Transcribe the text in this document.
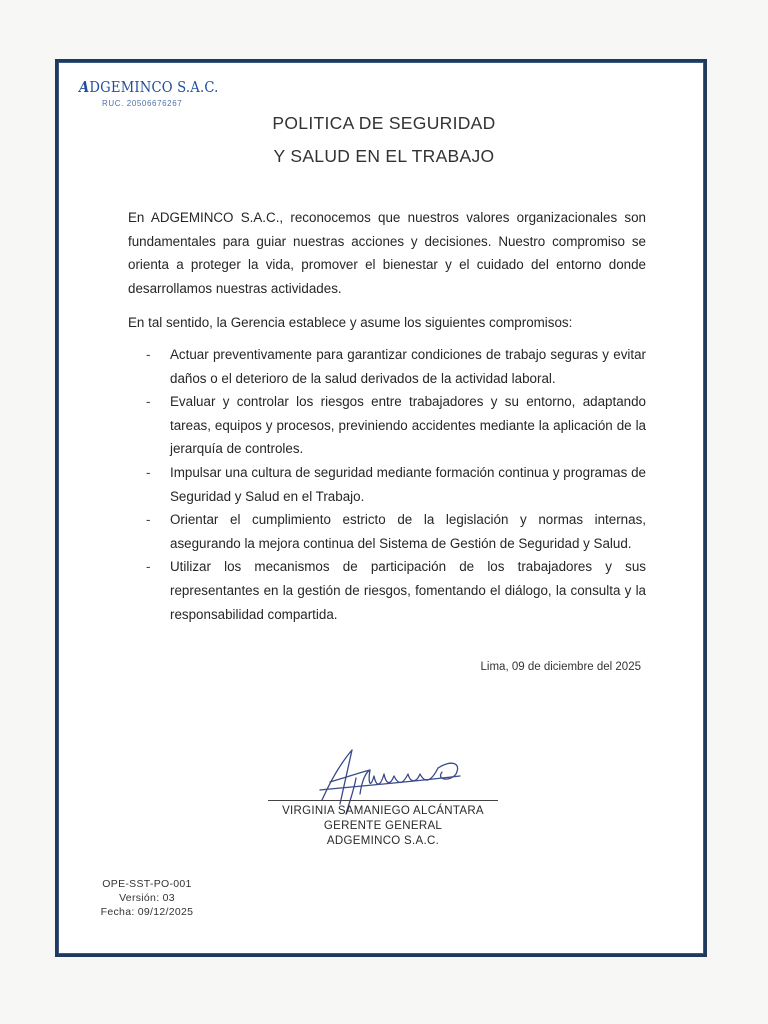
ADGEMINCO S.A.C.
RUC. 20506676267
POLITICA DE SEGURIDAD
Y SALUD EN EL TRABAJO

En ADGEMINCO S.A.C., reconocemos que nuestros valores organizacionales son fundamentales para guiar nuestras acciones y decisiones. Nuestro compromiso se orienta a proteger la vida, promover el bienestar y el cuidado del entorno donde desarrollamos nuestras actividades.

En tal sentido, la Gerencia establece y asume los siguientes compromisos:

- Actuar preventivamente para garantizar condiciones de trabajo seguras y evitar daños o el deterioro de la salud derivados de la actividad laboral.
- Evaluar y controlar los riesgos entre trabajadores y su entorno, adaptando tareas, equipos y procesos, previniendo accidentes mediante la aplicación de la jerarquía de controles.
- Impulsar una cultura de seguridad mediante formación continua y programas de Seguridad y Salud en el Trabajo.
- Orientar el cumplimiento estricto de la legislación y normas internas, asegurando la mejora continua del Sistema de Gestión de Seguridad y Salud.
- Utilizar los mecanismos de participación de los trabajadores y sus representantes en la gestión de riesgos, fomentando el diálogo, la consulta y la responsabilidad compartida.
Lima, 09 de diciembre del 2025
VIRGINIA SAMANIEGO ALCÁNTARA
GERENTE GENERAL
ADGEMINCO S.A.C.
OPE-SST-PO-001
Versión: 03
Fecha: 09/12/2025
